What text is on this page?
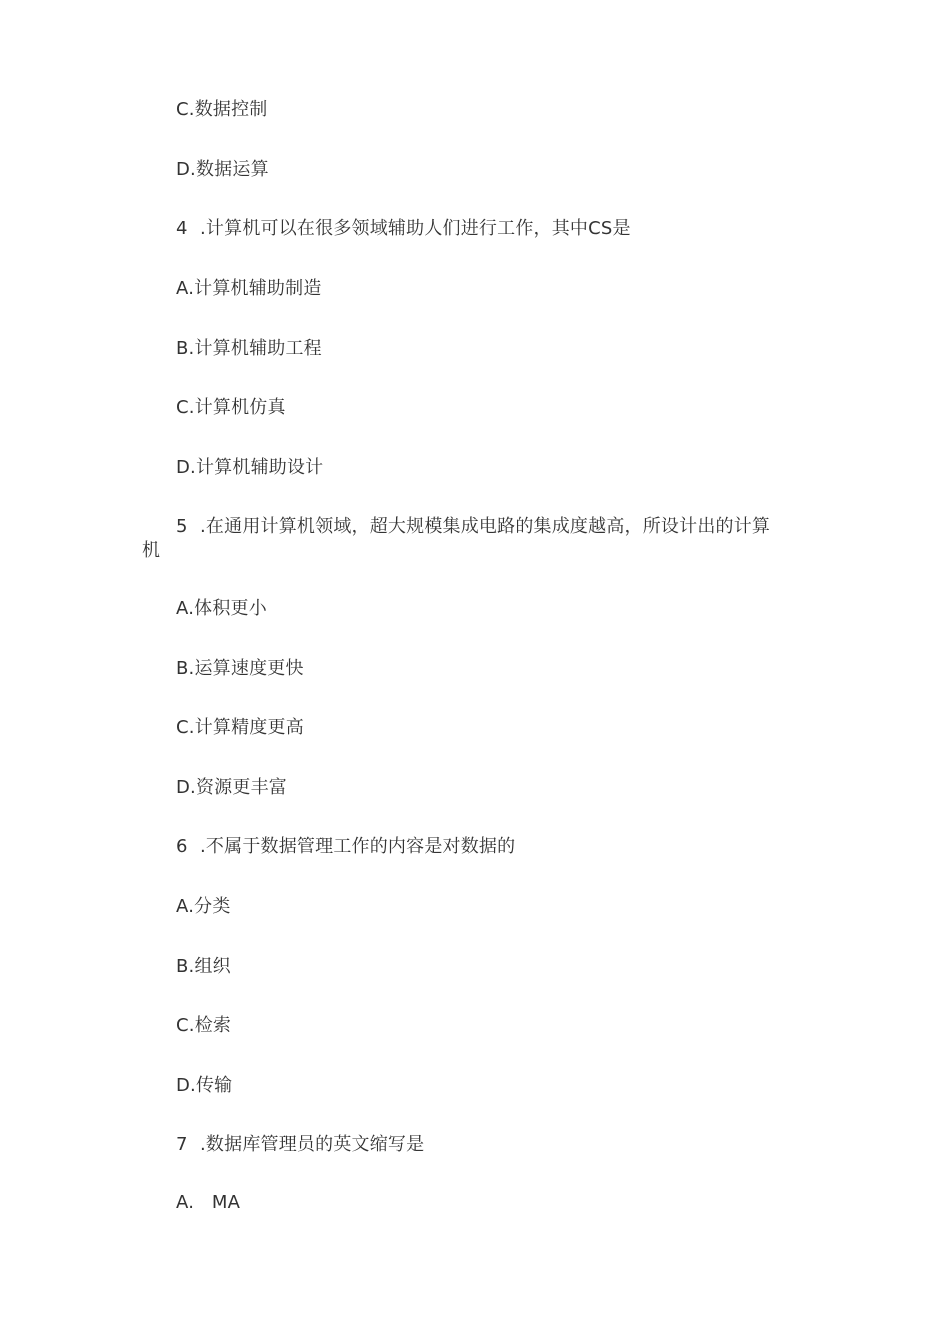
C.数据控制
D.数据运算
4 .计算机可以在很多领域辅助人们进行工作，其中CS是
A.计算机辅助制造
B.计算机辅助工程
C.计算机仿真
D.计算机辅助设计
5 .在通用计算机领域，超大规模集成电路的集成度越高，所设计出的计算
机
A.体积更小
B.运算速度更快
C.计算精度更高
D.资源更丰富
6 .不属于数据管理工作的内容是对数据的
A.分类
B.组织
C.检索
D.传输
7 .数据库管理员的英文缩写是
A.   MA
